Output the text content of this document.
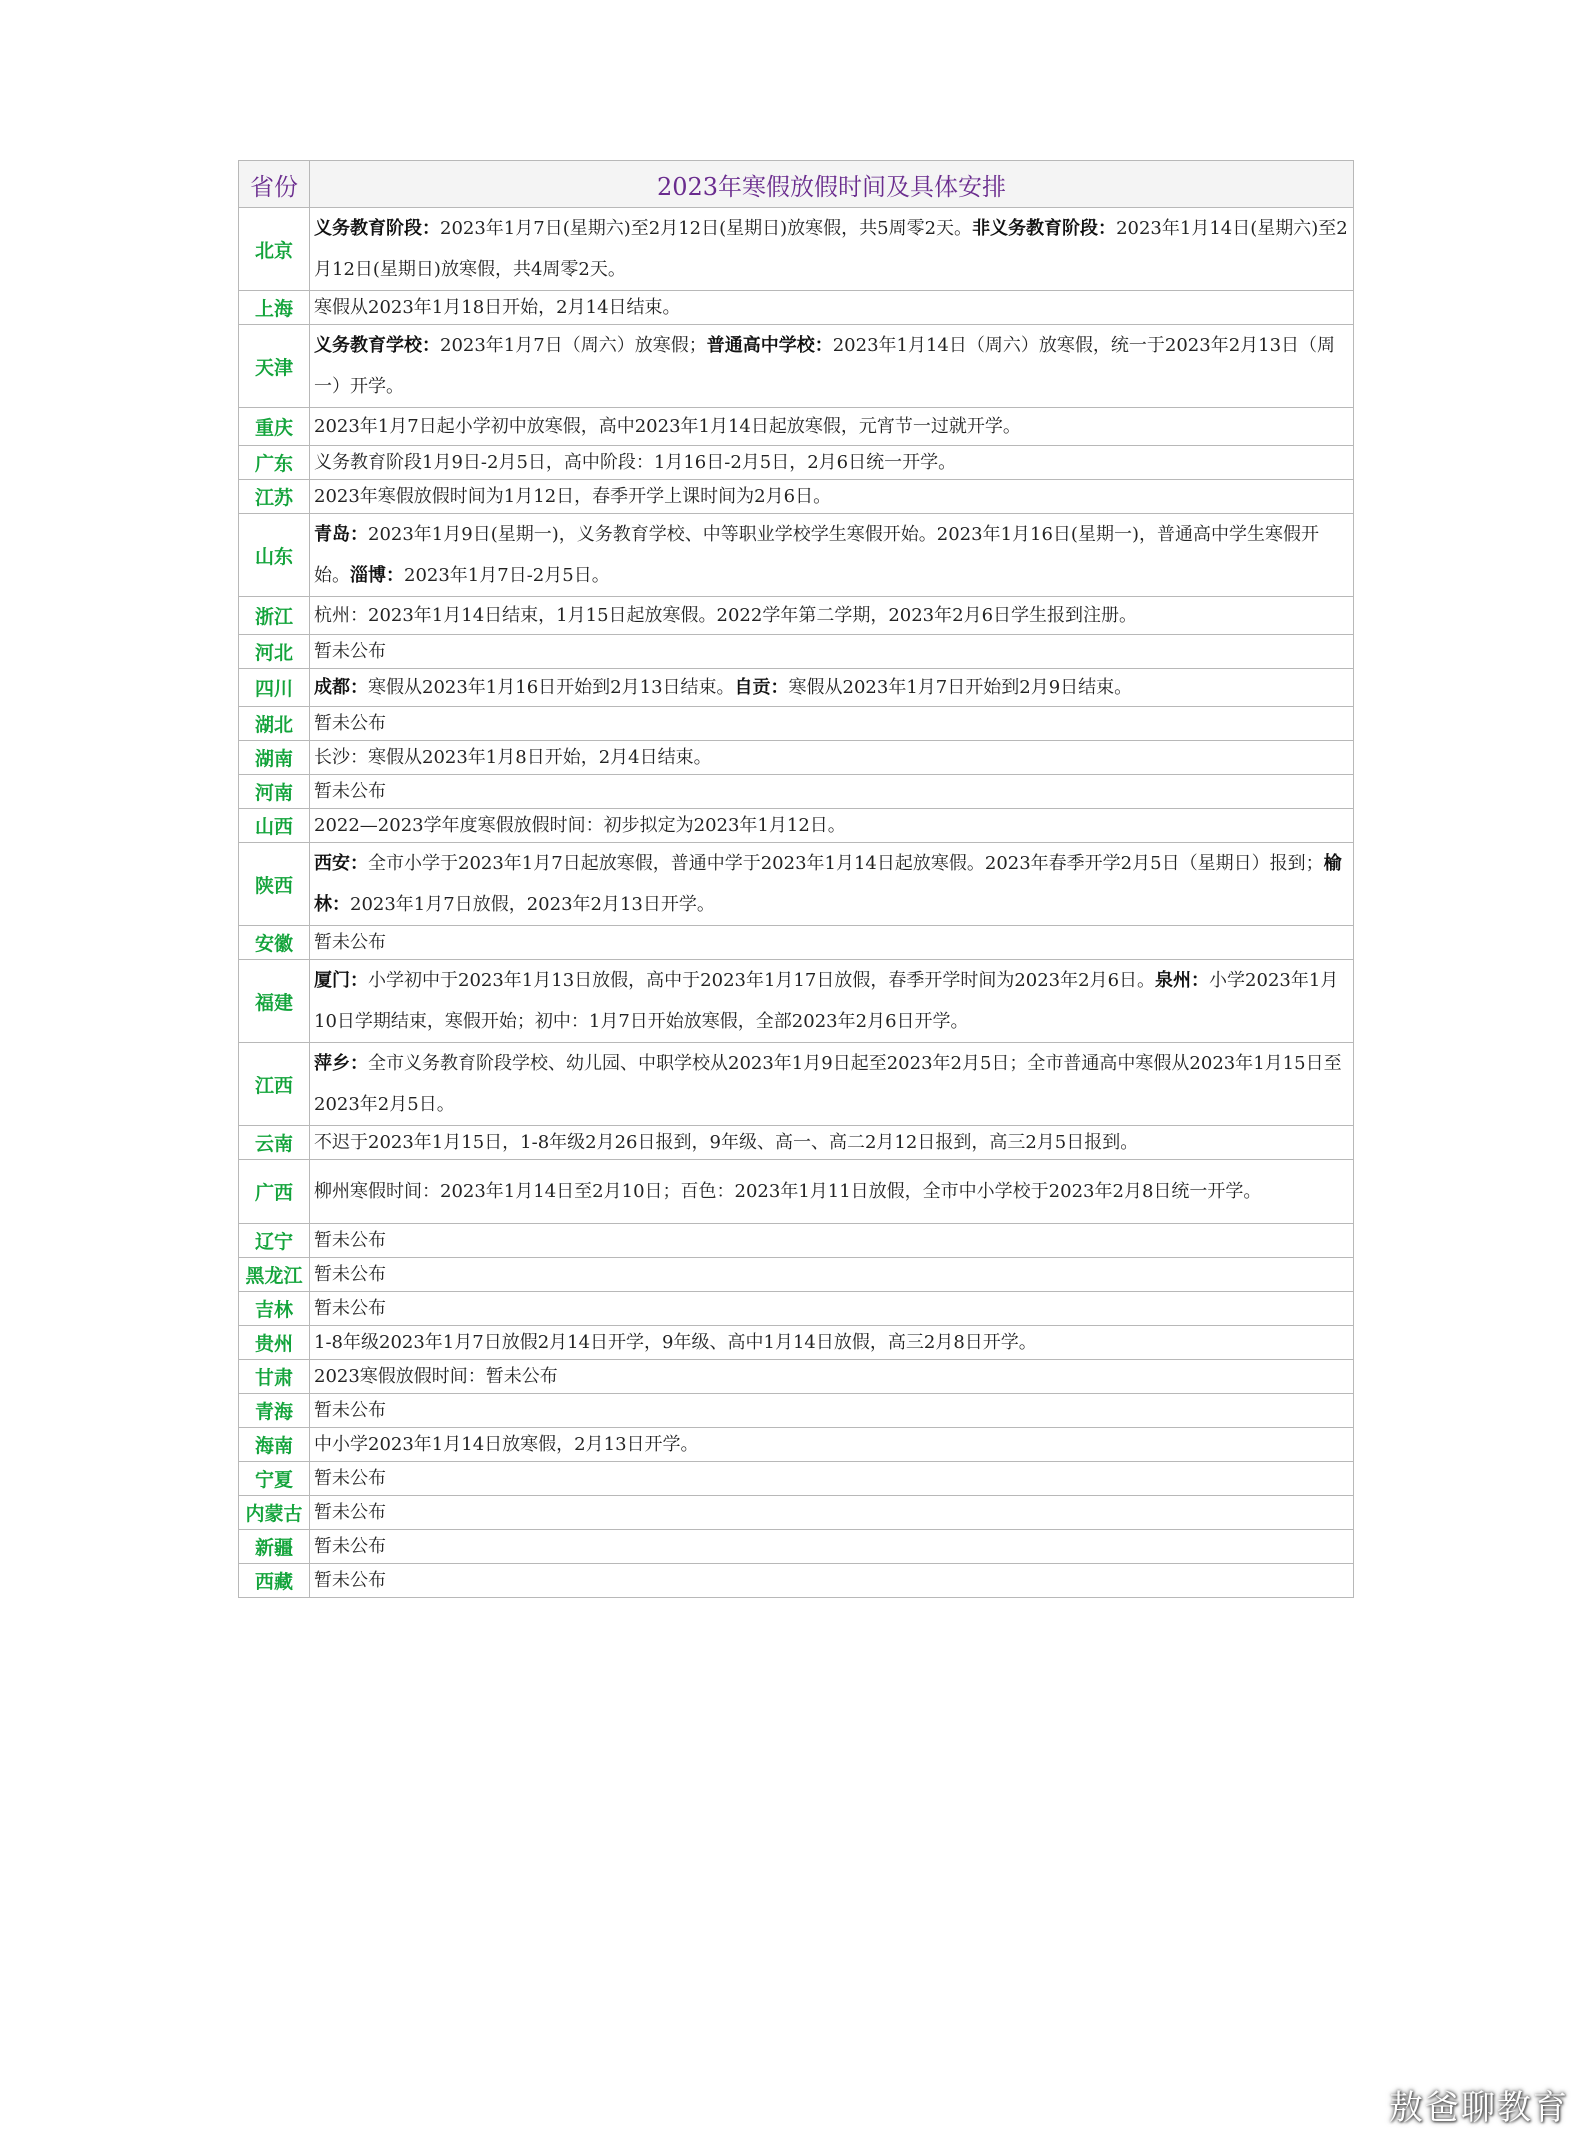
省份	2023年寒假放假时间及具体安排
北京	义务教育阶段：2023年1月7日(星期六)至2月12日(星期日)放寒假，共5周零2天。非义务教育阶段：2023年1月14日(星期六)至2月12日(星期日)放寒假，共4周零2天。
上海	寒假从2023年1月18日开始，2月14日结束。
天津	义务教育学校：2023年1月7日（周六）放寒假；普通高中学校：2023年1月14日（周六）放寒假，统一于2023年2月13日（周一）开学。
重庆	2023年1月7日起小学初中放寒假，高中2023年1月14日起放寒假，元宵节一过就开学。
广东	义务教育阶段1月9日-2月5日，高中阶段：1月16日-2月5日，2月6日统一开学。
江苏	2023年寒假放假时间为1月12日，春季开学上课时间为2月6日。
山东	青岛：2023年1月9日(星期一)，义务教育学校、中等职业学校学生寒假开始。2023年1月16日(星期一)，普通高中学生寒假开始。淄博：2023年1月7日-2月5日。
浙江	杭州：2023年1月14日结束，1月15日起放寒假。2022学年第二学期，2023年2月6日学生报到注册。
河北	暂未公布
四川	成都：寒假从2023年1月16日开始到2月13日结束。自贡：寒假从2023年1月7日开始到2月9日结束。
湖北	暂未公布
湖南	长沙：寒假从2023年1月8日开始，2月4日结束。
河南	暂未公布
山西	2022—2023学年度寒假放假时间：初步拟定为2023年1月12日。
陕西	西安：全市小学于2023年1月7日起放寒假，普通中学于2023年1月14日起放寒假。2023年春季开学2月5日（星期日）报到；榆林：2023年1月7日放假，2023年2月13日开学。
安徽	暂未公布
福建	厦门：小学初中于2023年1月13日放假，高中于2023年1月17日放假，春季开学时间为2023年2月6日。泉州：小学2023年1月10日学期结束，寒假开始；初中：1月7日开始放寒假，全部2023年2月6日开学。
江西	萍乡：全市义务教育阶段学校、幼儿园、中职学校从2023年1月9日起至2023年2月5日；全市普通高中寒假从2023年1月15日至2023年2月5日。
云南	不迟于2023年1月15日，1-8年级2月26日报到，9年级、高一、高二2月12日报到，高三2月5日报到。
广西	柳州寒假时间：2023年1月14日至2月10日；百色：2023年1月11日放假，全市中小学校于2023年2月8日统一开学。
辽宁	暂未公布
黑龙江	暂未公布
吉林	暂未公布
贵州	1-8年级2023年1月7日放假2月14日开学，9年级、高中1月14日放假，高三2月8日开学。
甘肃	2023寒假放假时间：暂未公布
青海	暂未公布
海南	中小学2023年1月14日放寒假，2月13日开学。
宁夏	暂未公布
内蒙古	暂未公布
新疆	暂未公布
西藏	暂未公布
敖爸聊教育
